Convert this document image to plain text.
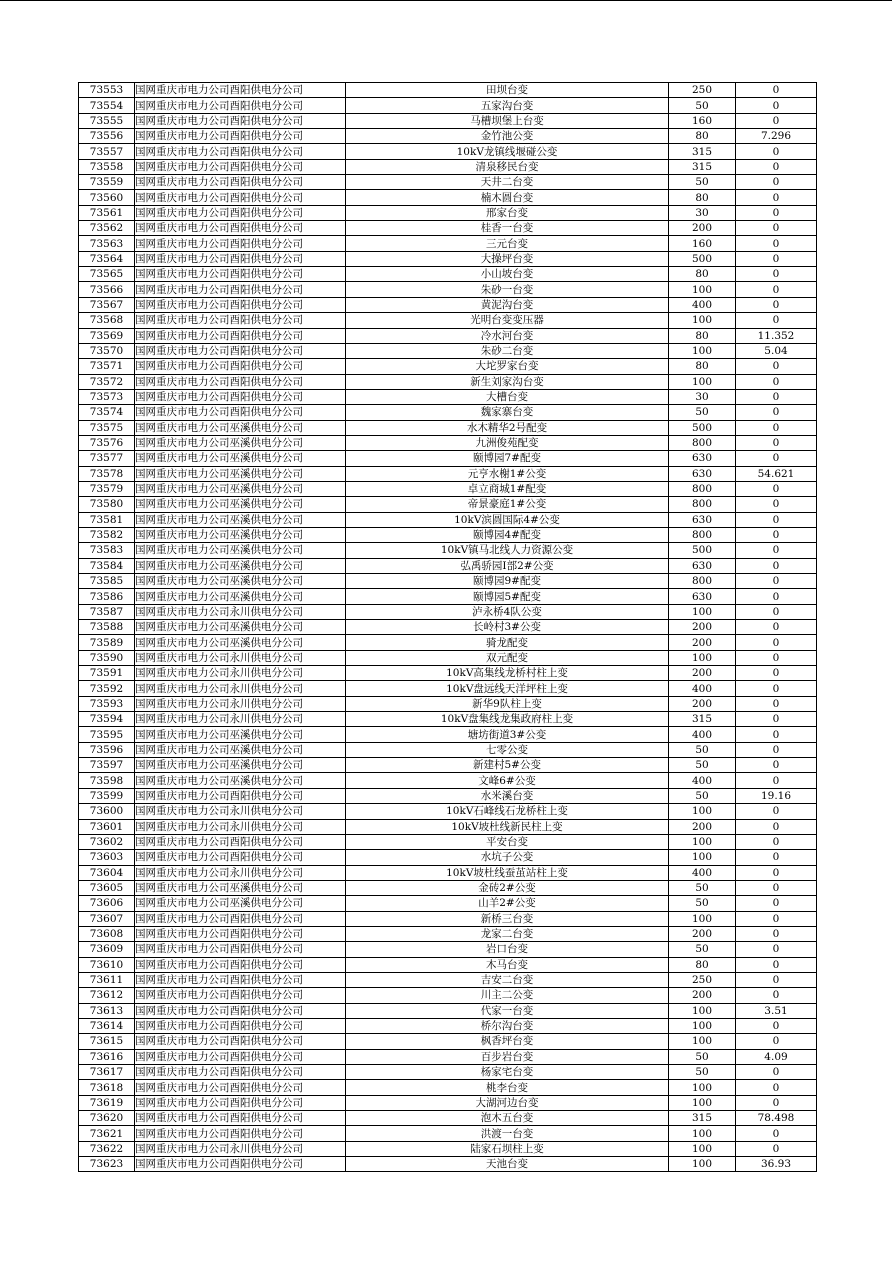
73553	国网重庆市电力公司酉阳供电分公司	田坝台变	250	0
73554	国网重庆市电力公司酉阳供电分公司	五家沟台变	50	0
73555	国网重庆市电力公司酉阳供电分公司	马槽坝堡上台变	160	0
73556	国网重庆市电力公司酉阳供电分公司	金竹池公变	80	7.296
73557	国网重庆市电力公司酉阳供电分公司	10kV龙镇线堰碰公变	315	0
73558	国网重庆市电力公司酉阳供电分公司	清泉移民台变	315	0
73559	国网重庆市电力公司酉阳供电分公司	天井二台变	50	0
73560	国网重庆市电力公司酉阳供电分公司	楠木圆台变	80	0
73561	国网重庆市电力公司酉阳供电分公司	邢家台变	30	0
73562	国网重庆市电力公司酉阳供电分公司	桂香一台变	200	0
73563	国网重庆市电力公司酉阳供电分公司	三元台变	160	0
73564	国网重庆市电力公司酉阳供电分公司	大操坪台变	500	0
73565	国网重庆市电力公司酉阳供电分公司	小山坡台变	80	0
73566	国网重庆市电力公司酉阳供电分公司	朱砂一台变	100	0
73567	国网重庆市电力公司酉阳供电分公司	黄泥沟台变	400	0
73568	国网重庆市电力公司酉阳供电分公司	光明台变变压器	100	0
73569	国网重庆市电力公司酉阳供电分公司	冷水河台变	80	11.352
73570	国网重庆市电力公司酉阳供电分公司	朱砂二台变	100	5.04
73571	国网重庆市电力公司酉阳供电分公司	大坨罗家台变	80	0
73572	国网重庆市电力公司酉阳供电分公司	新生刘家沟台变	100	0
73573	国网重庆市电力公司酉阳供电分公司	大槽台变	30	0
73574	国网重庆市电力公司酉阳供电分公司	魏家寨台变	50	0
73575	国网重庆市电力公司巫溪供电分公司	水木精华2号配变	500	0
73576	国网重庆市电力公司巫溪供电分公司	九洲俊苑配变	800	0
73577	国网重庆市电力公司巫溪供电分公司	颐博园7#配变	630	0
73578	国网重庆市电力公司巫溪供电分公司	元亨水榭1#公变	630	54.621
73579	国网重庆市电力公司巫溪供电分公司	卓立商城1#配变	800	0
73580	国网重庆市电力公司巫溪供电分公司	帝景豪庭1#公变	800	0
73581	国网重庆市电力公司巫溪供电分公司	10kV滨圆国际4#公变	630	0
73582	国网重庆市电力公司巫溪供电分公司	颐博园4#配变	800	0
73583	国网重庆市电力公司巫溪供电分公司	10kV镇马北线人力资源公变	500	0
73584	国网重庆市电力公司巫溪供电分公司	弘禹骄园I部2#公变	630	0
73585	国网重庆市电力公司巫溪供电分公司	颐博园9#配变	800	0
73586	国网重庆市电力公司巫溪供电分公司	颐博园5#配变	630	0
73587	国网重庆市电力公司永川供电分公司	泸永桥4队公变	100	0
73588	国网重庆市电力公司巫溪供电分公司	长岭村3#公变	200	0
73589	国网重庆市电力公司巫溪供电分公司	骑龙配变	200	0
73590	国网重庆市电力公司永川供电分公司	双元配变	100	0
73591	国网重庆市电力公司永川供电分公司	10kV高集线龙桥村柱上变	200	0
73592	国网重庆市电力公司永川供电分公司	10kV盘远线天洋坪柱上变	400	0
73593	国网重庆市电力公司永川供电分公司	新华9队柱上变	200	0
73594	国网重庆市电力公司永川供电分公司	10kV盘集线龙集政府柱上变	315	0
73595	国网重庆市电力公司巫溪供电分公司	塘坊街道3#公变	400	0
73596	国网重庆市电力公司巫溪供电分公司	七零公变	50	0
73597	国网重庆市电力公司巫溪供电分公司	新建村5#公变	50	0
73598	国网重庆市电力公司巫溪供电分公司	文峰6#公变	400	0
73599	国网重庆市电力公司酉阳供电分公司	水米溪台变	50	19.16
73600	国网重庆市电力公司永川供电分公司	10kV石峰线石龙桥柱上变	100	0
73601	国网重庆市电力公司永川供电分公司	10kV坡杜线新民柱上变	200	0
73602	国网重庆市电力公司酉阳供电分公司	平安台变	100	0
73603	国网重庆市电力公司酉阳供电分公司	水坑子公变	100	0
73604	国网重庆市电力公司永川供电分公司	10kV坡杜线蚕茧站柱上变	400	0
73605	国网重庆市电力公司巫溪供电分公司	金砖2#公变	50	0
73606	国网重庆市电力公司巫溪供电分公司	山羊2#公变	50	0
73607	国网重庆市电力公司酉阳供电分公司	新桥三台变	100	0
73608	国网重庆市电力公司酉阳供电分公司	龙家二台变	200	0
73609	国网重庆市电力公司酉阳供电分公司	岩口台变	50	0
73610	国网重庆市电力公司酉阳供电分公司	木马台变	80	0
73611	国网重庆市电力公司酉阳供电分公司	吉安二台变	250	0
73612	国网重庆市电力公司酉阳供电分公司	川主二公变	200	0
73613	国网重庆市电力公司酉阳供电分公司	代家一台变	100	3.51
73614	国网重庆市电力公司酉阳供电分公司	桥尔沟台变	100	0
73615	国网重庆市电力公司酉阳供电分公司	枫香坪台变	100	0
73616	国网重庆市电力公司酉阳供电分公司	百步岩台变	50	4.09
73617	国网重庆市电力公司酉阳供电分公司	杨家宅台变	50	0
73618	国网重庆市电力公司酉阳供电分公司	桃李台变	100	0
73619	国网重庆市电力公司酉阳供电分公司	大湖河边台变	100	0
73620	国网重庆市电力公司酉阳供电分公司	泡木五台变	315	78.498
73621	国网重庆市电力公司酉阳供电分公司	洪渡一台变	100	0
73622	国网重庆市电力公司永川供电分公司	陆家石坝柱上变	100	0
73623	国网重庆市电力公司酉阳供电分公司	天池台变	100	36.93
